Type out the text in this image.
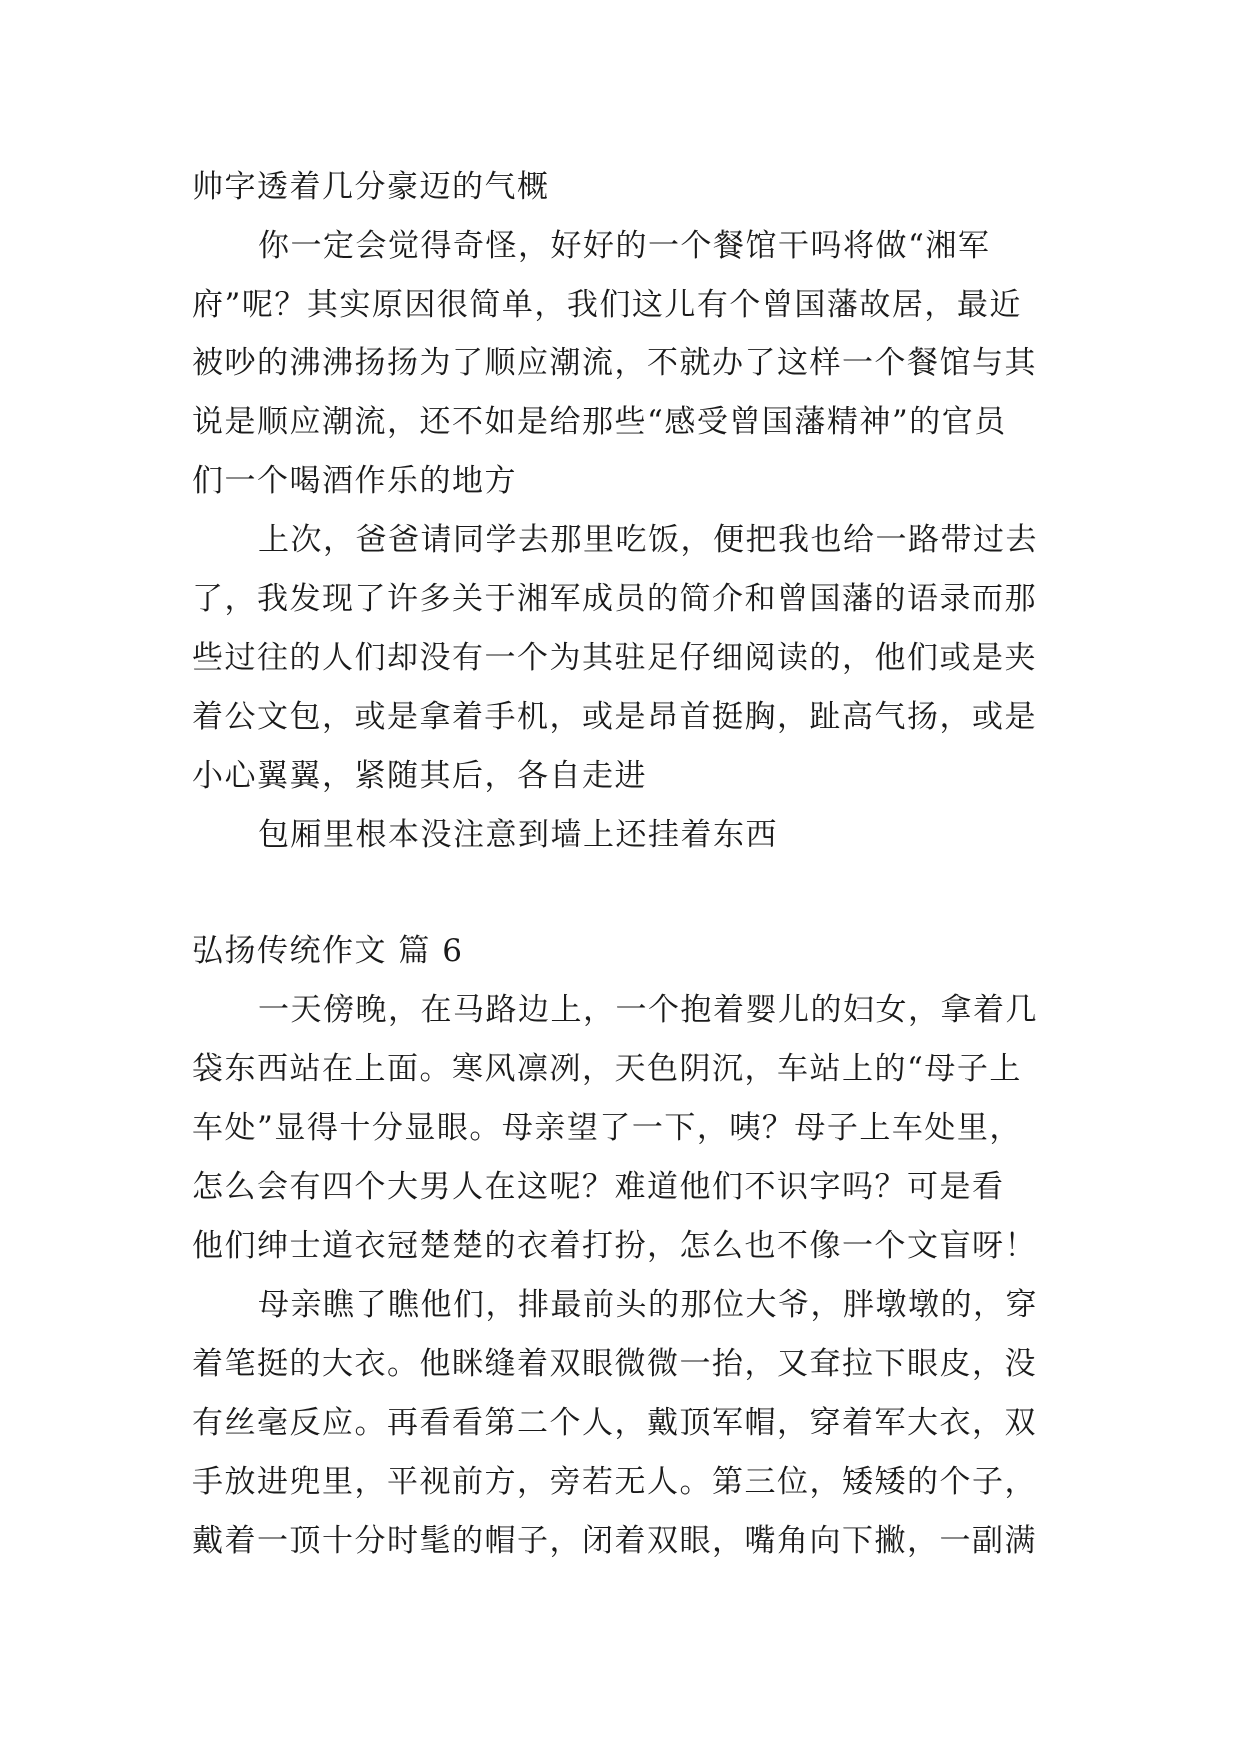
帅字透着几分豪迈的气概
你一定会觉得奇怪，好好的一个餐馆干吗将做“湘军
府”呢？其实原因很简单，我们这儿有个曾国藩故居，最近
被吵的沸沸扬扬为了顺应潮流，不就办了这样一个餐馆与其
说是顺应潮流，还不如是给那些“感受曾国藩精神”的官员
们一个喝酒作乐的地方
上次，爸爸请同学去那里吃饭，便把我也给一路带过去
了，我发现了许多关于湘军成员的简介和曾国藩的语录而那
些过往的人们却没有一个为其驻足仔细阅读的，他们或是夹
着公文包，或是拿着手机，或是昂首挺胸，趾高气扬，或是
小心翼翼，紧随其后，各自走进
包厢里根本没注意到墙上还挂着东西
弘扬传统作文 篇 6
一天傍晚，在马路边上，一个抱着婴儿的妇女，拿着几
袋东西站在上面。寒风凛冽，天色阴沉，车站上的“母子上
车处”显得十分显眼。母亲望了一下，咦？母子上车处里，
怎么会有四个大男人在这呢？难道他们不识字吗？可是看
他们绅士道衣冠楚楚的衣着打扮，怎么也不像一个文盲呀！
母亲瞧了瞧他们，排最前头的那位大爷，胖墩墩的，穿
着笔挺的大衣。他眯缝着双眼微微一抬，又耷拉下眼皮，没
有丝毫反应。再看看第二个人，戴顶军帽，穿着军大衣，双
手放进兜里，平视前方，旁若无人。第三位，矮矮的个子，
戴着一顶十分时髦的帽子，闭着双眼，嘴角向下撇，一副满
